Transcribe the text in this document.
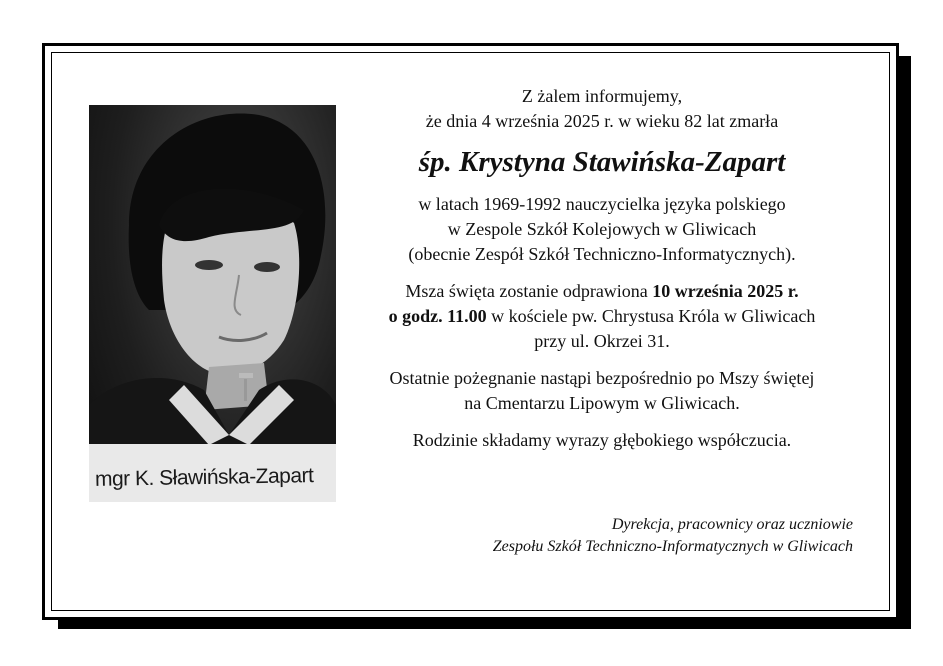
mgr K. Sławińska-Zapart
Z żalem informujemy,
że dnia 4 września 2025 r. w wieku 82 lat zmarła
śp. Krystyna Stawińska-Zapart
w latach 1969-1992 nauczycielka języka polskiego
w Zespole Szkół Kolejowych w Gliwicach
(obecnie Zespół Szkół Techniczno-Informatycznych).
Msza święta zostanie odprawiona 10 września 2025 r.
o godz. 11.00 w kościele pw. Chrystusa Króla w Gliwicach
przy ul. Okrzei 31.
Ostatnie pożegnanie nastąpi bezpośrednio po Mszy świętej
na Cmentarzu Lipowym w Gliwicach.
Rodzinie składamy wyrazy głębokiego współczucia.
Dyrekcja, pracownicy oraz uczniowie
Zespołu Szkół Techniczno-Informatycznych w Gliwicach
